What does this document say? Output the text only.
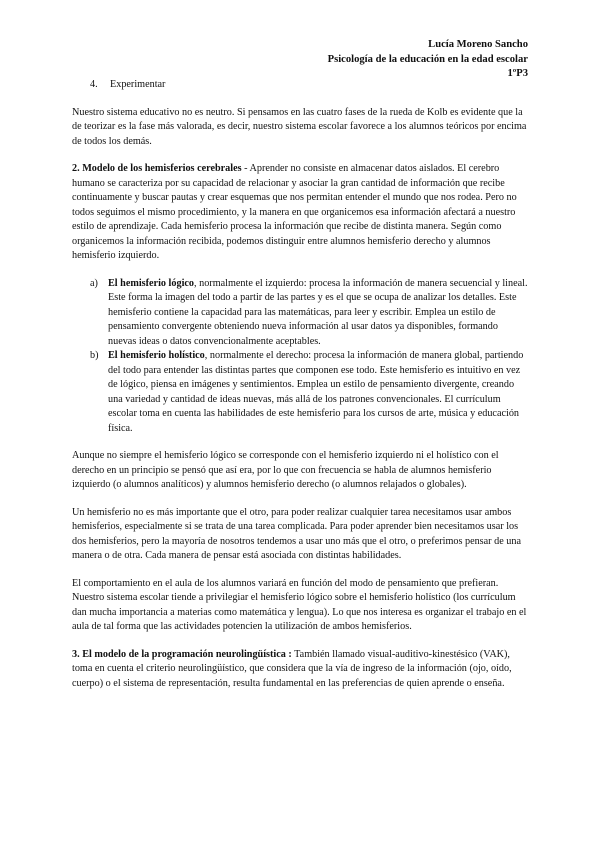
Lucía Moreno Sancho
Psicología de la educación en la edad escolar
1ºP3
4. Experimentar

Nuestro sistema educativo no es neutro. Si pensamos en las cuatro fases de la rueda de Kolb es evidente que la de teorizar es la fase más valorada, es decir, nuestro sistema escolar favorece a los alumnos teóricos por encima de todos los demás.

2. Modelo de los hemisferios cerebrales - Aprender no consiste en almacenar datos aislados. El cerebro humano se caracteriza por su capacidad de relacionar y asociar la gran cantidad de información que recibe continuamente y buscar pautas y crear esquemas que nos permitan entender el mundo que nos rodea. Pero no todos seguimos el mismo procedimiento, y la manera en que organicemos esa información afectará a nuestro estilo de aprendizaje. Cada hemisferio procesa la información que recibe de distinta manera. Según como organicemos la información recibida, podemos distinguir entre alumnos hemisferio derecho y alumnos hemisferio izquierdo.

a) El hemisferio lógico, normalmente el izquierdo: procesa la información de manera secuencial y lineal. Este forma la imagen del todo a partir de las partes y es el que se ocupa de analizar los detalles. Este hemisferio contiene la capacidad para las matemáticas, para leer y escribir. Emplea un estilo de pensamiento convergente obteniendo nueva información al usar datos ya disponibles, formando nuevas ideas o datos convencionalmente aceptables.
b) El hemisferio holístico, normalmente el derecho: procesa la información de manera global, partiendo del todo para entender las distintas partes que componen ese todo. Este hemisferio es intuitivo en vez de lógico, piensa en imágenes y sentimientos. Emplea un estilo de pensamiento divergente, creando una variedad y cantidad de ideas nuevas, más allá de los patrones convencionales. El currículum escolar toma en cuenta las habilidades de este hemisferio para los cursos de arte, música y educación física.

Aunque no siempre el hemisferio lógico se corresponde con el hemisferio izquierdo ni el holístico con el derecho en un principio se pensó que así era, por lo que con frecuencia se habla de alumnos hemisferio izquierdo (o alumnos analíticos) y alumnos hemisferio derecho (o alumnos relajados o globales).

Un hemisferio no es más importante que el otro, para poder realizar cualquier tarea necesitamos usar ambos hemisferios, especialmente si se trata de una tarea complicada. Para poder aprender bien necesitamos usar los dos hemisferios, pero la mayoría de nosotros tendemos a usar uno más que el otro, o preferimos pensar de una manera o de otra. Cada manera de pensar está asociada con distintas habilidades.

El comportamiento en el aula de los alumnos variará en función del modo de pensamiento que prefieran. Nuestro sistema escolar tiende a privilegiar el hemisferio lógico sobre el hemisferio holístico (los currículum dan mucha importancia a materias como matemática y lengua). Lo que nos interesa es organizar el trabajo en el aula de tal forma que las actividades potencien la utilización de ambos hemisferios.

3. El modelo de la programación neurolingüística : También llamado visual-auditivo-kinestésico (VAK), toma en cuenta el criterio neurolingüístico, que considera que la vía de ingreso de la información (ojo, oído, cuerpo) o el sistema de representación, resulta fundamental en las preferencias de quien aprende o enseña.
